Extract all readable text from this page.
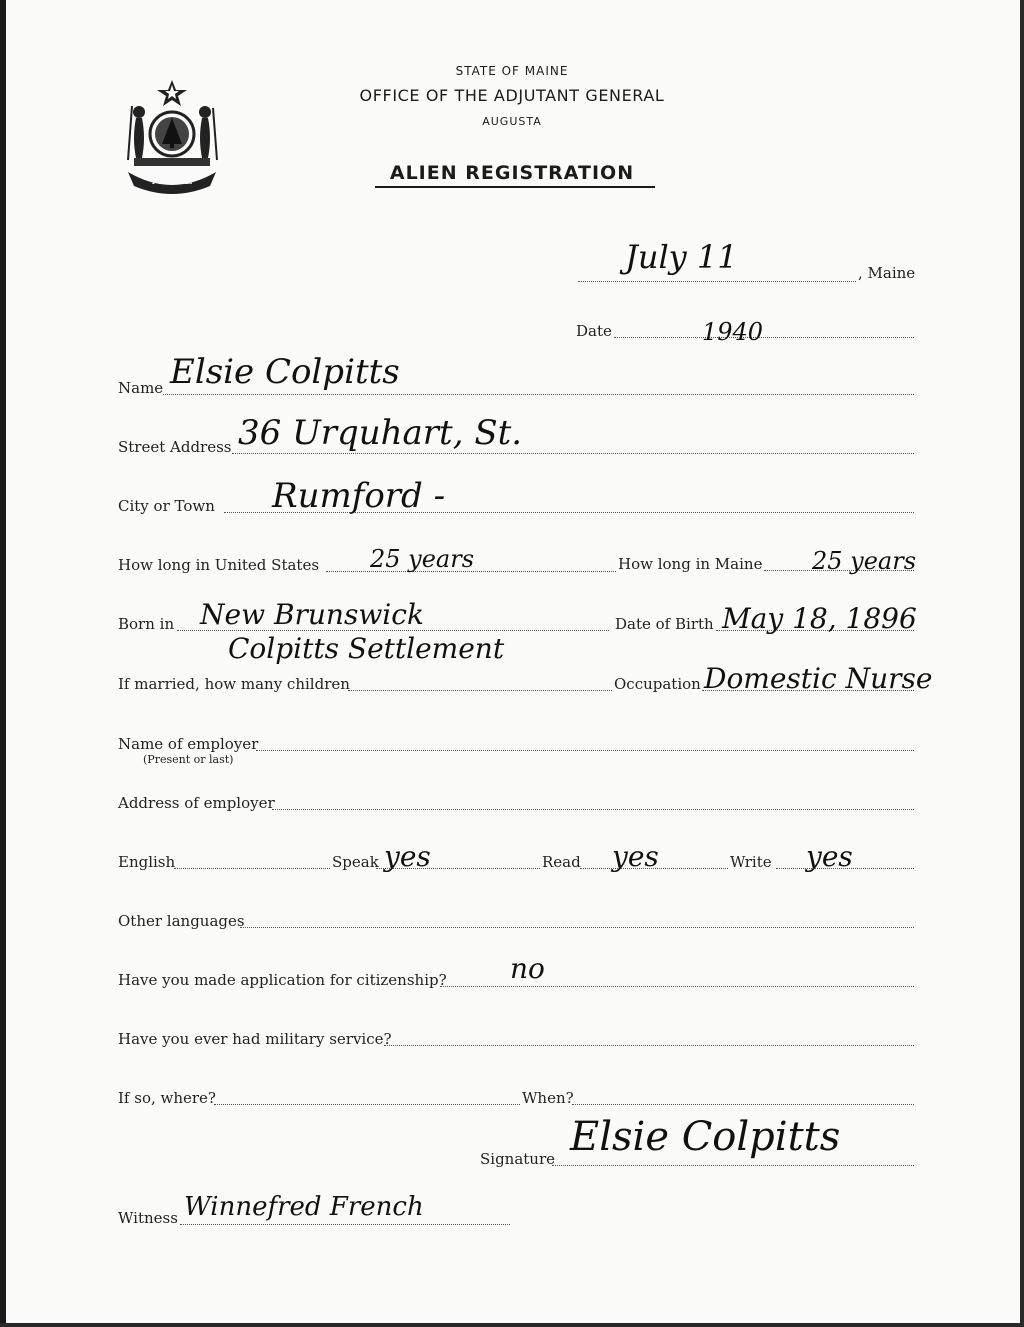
MAINE
STATE OF MAINE
OFFICE OF THE ADJUTANT GENERAL
AUGUSTA
ALIEN REGISTRATION
July 11	, Maine
Date	1940
Name Elsie Colpitts
Street Address 36 Urquhart, St.
City or Town Rumford -
How long in United States 25 years	How long in Maine 25 years
Born in New Brunswick
Colpitts Settlement
Date of Birth May 18, 1896
If married, how many children	Occupation Domestic Nurse
Name of employer
(Present or last)
Address of employer
English	Speak yes	Read yes	Write yes
Other languages
Have you made application for citizenship? no
Have you ever had military service?
If so, where?	When?
Signature Elsie Colpitts
Witness Winnefred French
